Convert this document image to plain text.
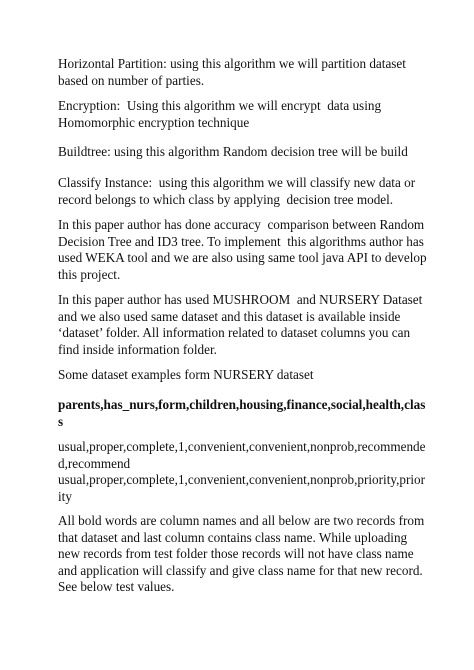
Horizontal Partition: using this algorithm we will partition dataset
based on number of parties.

Encryption:  Using this algorithm we will encrypt  data using
Homomorphic encryption technique

Buildtree: using this algorithm Random decision tree will be build

Classify Instance:  using this algorithm we will classify new data or
record belongs to which class by applying  decision tree model.

In this paper author has done accuracy  comparison between Random
Decision Tree and ID3 tree. To implement  this algorithms author has
used WEKA tool and we are also using same tool java API to develop
this project.

In this paper author has used MUSHROOM  and NURSERY Dataset
and we also used same dataset and this dataset is available inside
‘dataset’ folder. All information related to dataset columns you can
find inside information folder.

Some dataset examples form NURSERY dataset

parents,has_nurs,form,children,housing,finance,social,health,clas
s

usual,proper,complete,1,convenient,convenient,nonprob,recommende
d,recommend
usual,proper,complete,1,convenient,convenient,nonprob,priority,prior
ity

All bold words are column names and all below are two records from
that dataset and last column contains class name. While uploading
new records from test folder those records will not have class name
and application will classify and give class name for that new record.
See below test values.
